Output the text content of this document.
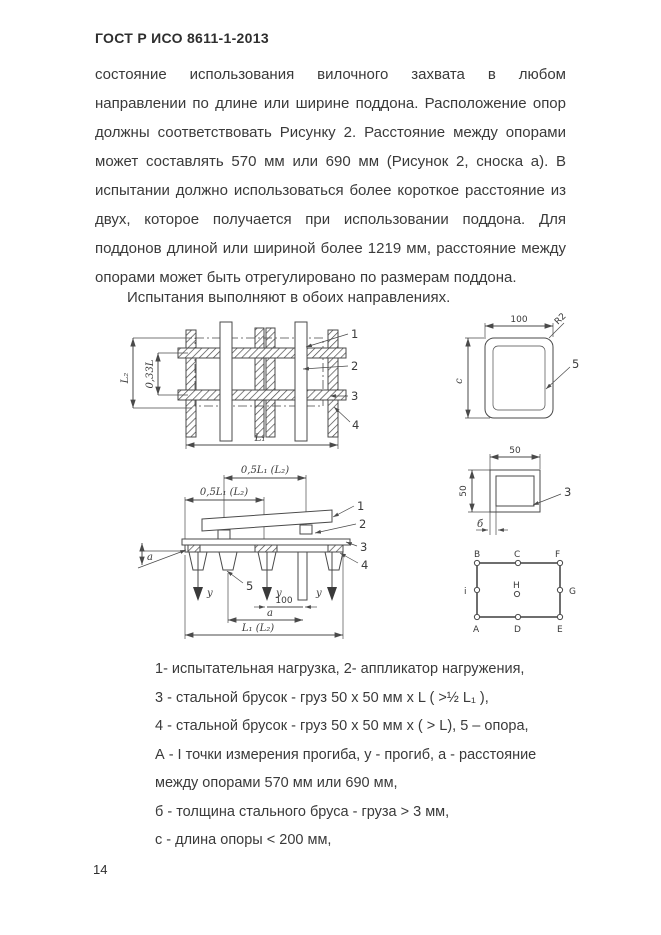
ГОСТ Р ИСО 8611-1-2013
состояние использования вилочного захвата в любом направлении по длине или ширине поддона. Расположение опор должны соответствовать Рисунку 2. Расстояние между опорами может составлять 570 мм или 690 мм (Рисунок 2, сноска а). В испытании должно использоваться более короткое расстояние из двух, которое получается при использовании поддона. Для поддонов длиной или шириной более 1219 мм, расстояние между опорами может быть отрегулировано по размерам поддона.
Испытания выполняют в обоих направлениях.
L₂ 0,33L
L₁
1
2
3
4
0,5L₁ (L₂)
0,5L₁ (L₂)
у	у	у
а
5
100
а
L₁ (L₂)
1
2
3
4
100	R2
с
5
50
50
б
3
B	C	F
і	G
H
А	D	E
1- испытательная нагрузка, 2- аппликатор нагружения,
3 - стальной брусок - груз 50 х 50 мм х L ( >½ L₁ ),
4 - стальной брусок - груз 50 х 50 мм х ( > L), 5 – опора,
А - I точки измерения прогиба, у - прогиб, а - расстояние
между опорами 570 мм или 690 мм,
б - толщина стального бруса - груза > 3 мм,
с - длина опоры < 200 мм,
14
